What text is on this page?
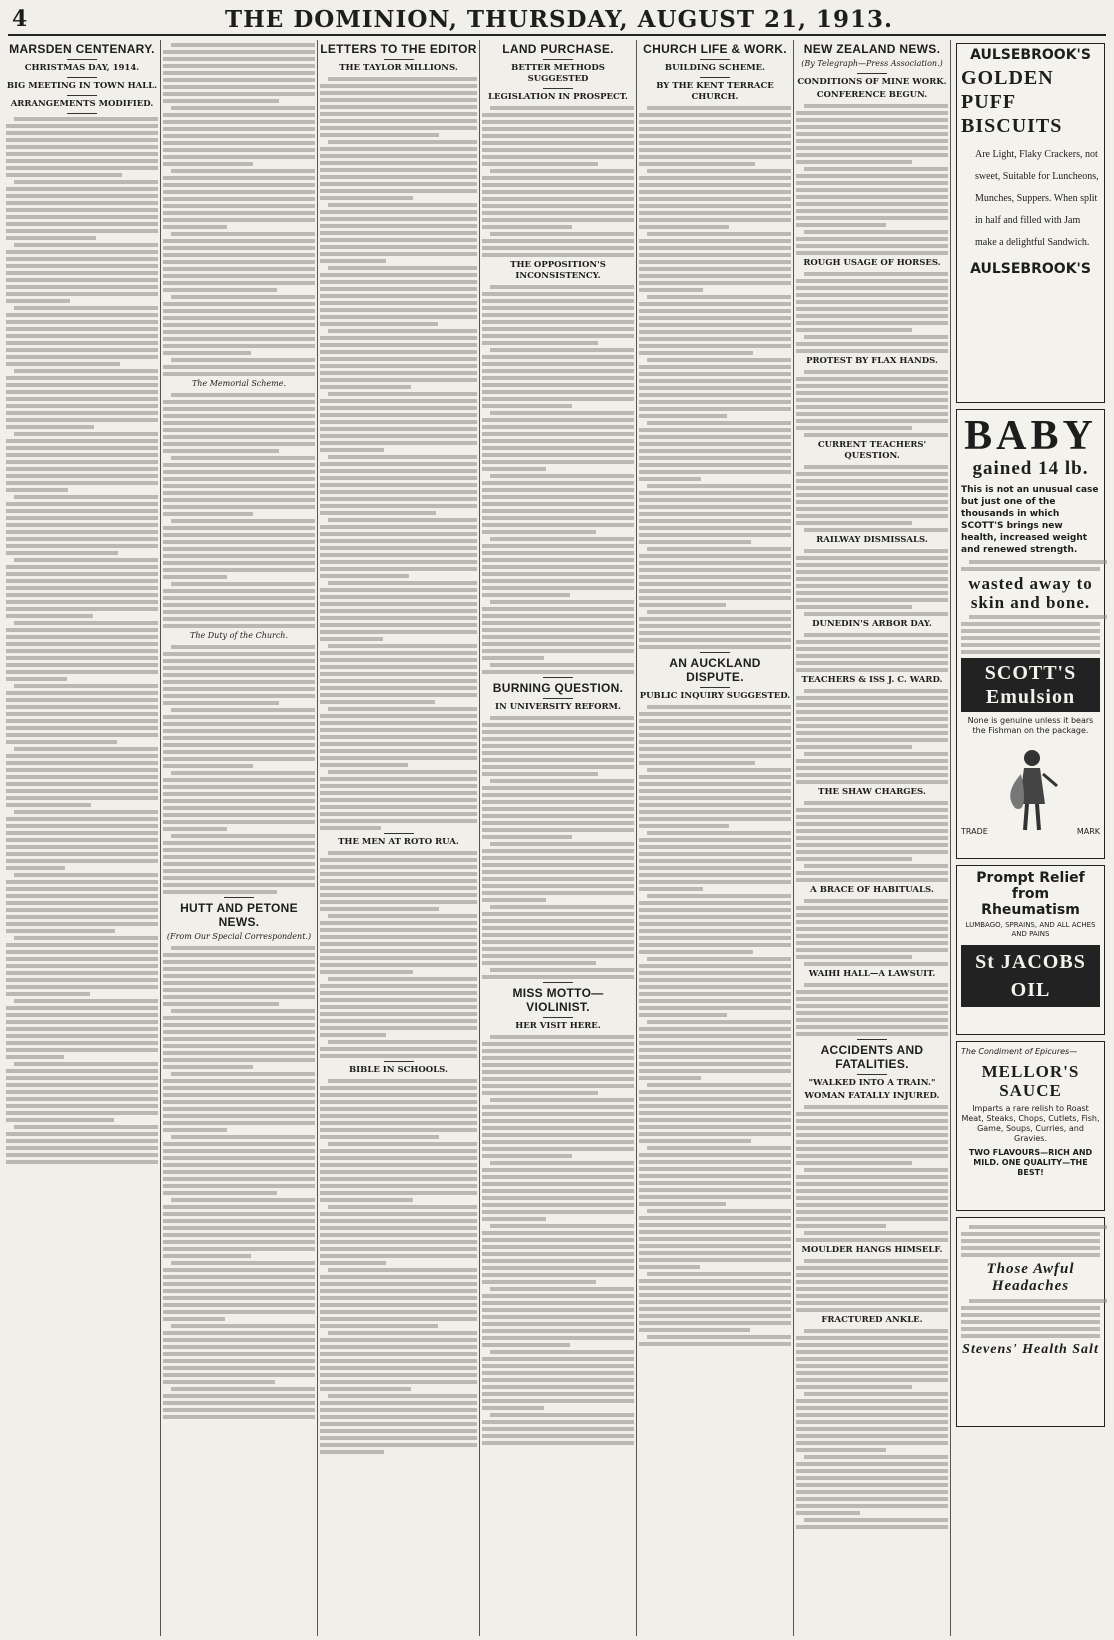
4	THE DOMINION, THURSDAY, AUGUST 21, 1913.
MARSDEN CENTENARY.
CHRISTMAS DAY, 1914.
BIG MEETING IN TOWN HALL.
ARRANGEMENTS MODIFIED.
The Memorial Scheme.
The Duty of the Church.
HUTT AND PETONE NEWS.
(From Our Special Correspondent.)
LETTERS TO THE EDITOR
THE TAYLOR MILLIONS.
THE MEN AT ROTO RUA.
BIBLE IN SCHOOLS.
LAND PURCHASE.
BETTER METHODS SUGGESTED
LEGISLATION IN PROSPECT.
THE OPPOSITION'S INCONSISTENCY.
BURNING QUESTION.
IN UNIVERSITY REFORM.
MISS MOTTO—VIOLINIST.
HER VISIT HERE.
CHURCH LIFE & WORK.
BUILDING SCHEME.
BY THE KENT TERRACE CHURCH.
AN AUCKLAND DISPUTE.
PUBLIC INQUIRY SUGGESTED.
NEW ZEALAND NEWS.
(By Telegraph—Press Association.)
CONDITIONS OF MINE WORK.
CONFERENCE BEGUN.
ROUGH USAGE OF HORSES.
PROTEST BY FLAX HANDS.
CURRENT TEACHERS' QUESTION.
RAILWAY DISMISSALS.
DUNEDIN'S ARBOR DAY.
TEACHERS & ISS J. C. WARD.
THE SHAW CHARGES.
A BRACE OF HABITUALS.
WAIHI HALL—A LAWSUIT.
ACCIDENTS AND FATALITIES.
"WALKED INTO A TRAIN."
WOMAN FATALLY INJURED.
MOULDER HANGS HIMSELF.
FRACTURED ANKLE.
AULSEBROOK'S
GOLDEN PUFF BISCUITS
Are Light, Flaky Crackers, not sweet, Suitable for Luncheons, Munches, Suppers. When split in half and filled with Jam make a delightful Sandwich.
AULSEBROOK'S
BABY
gained 14 lb.
This is not an unusual case but just one of the thousands in which SCOTT'S brings new health, increased weight and renewed strength.
wasted away to skin and bone.
SCOTT'S Emulsion
None is genuine unless it bears the Fishman on the package.
TRADE	MARK
Prompt Relief from Rheumatism
LUMBAGO, SPRAINS, AND ALL ACHES AND PAINS
St JACOBS OIL
The Condiment of Epicures—
MELLOR'S SAUCE
Imparts a rare relish to Roast Meat, Steaks, Chops, Cutlets, Fish, Game, Soups, Curries, and Gravies.
TWO FLAVOURS—RICH AND MILD. ONE QUALITY—THE BEST!
Those Awful Headaches
Stevens' Health Salt
